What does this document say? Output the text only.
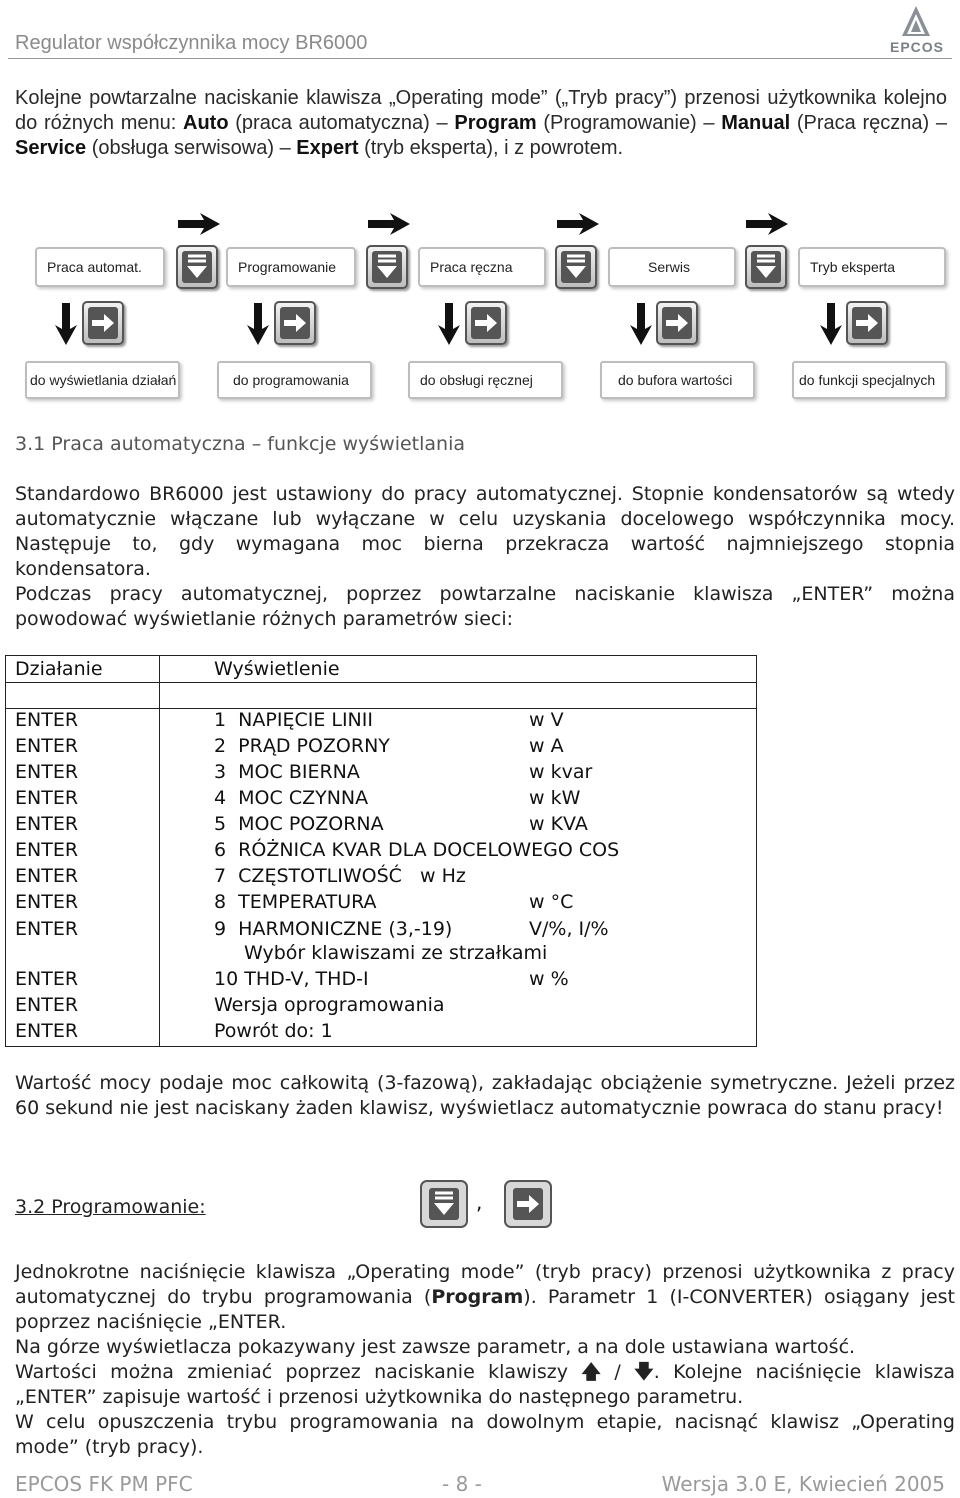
Regulator współczynnika mocy BR6000	EPCOS
Kolejne powtarzalne naciskanie klawisza „Operating mode” („Tryb pracy”) przenosi użytkownika kolejno do różnych menu: Auto (praca automatyczna) – Program (Programowanie) – Manual (Praca ręczna) – Service (obsługa serwisowa) – Expert (tryb eksperta), i z powrotem.
Praca automat.	Programowanie	Praca ręczna	Serwis	Tryb eksperta
do wyświetlania działań	do programowania	do obsługi ręcznej	do bufora wartości	do funkcji specjalnych
3.1 Praca automatyczna – funkcje wyświetlania
Standardowo BR6000 jest ustawiony do pracy automatycznej. Stopnie kondensatorów są wtedy automatycznie włączane lub wyłączane w celu uzyskania docelowego współczynnika mocy. Następuje to, gdy wymagana moc bierna przekracza wartość najmniejszego stopnia kondensatora.
Podczas pracy automatycznej, poprzez powtarzalne naciskanie klawisza „ENTER” można powodować wyświetlanie różnych parametrów sieci:
Działanie	Wyświetlenie
ENTER	1  NAPIĘCIE LINII	w V
ENTER	2  PRĄD POZORNY	w A
ENTER	3  MOC BIERNA	w kvar
ENTER	4  MOC CZYNNA	w kW
ENTER	5  MOC POZORNA	w KVA
ENTER	6  RÓŻNICA KVAR DLA DOCELOWEGO COS
ENTER	7  CZĘSTOTLIWOŚĆ   w Hz
ENTER	8  TEMPERATURA	w °C
ENTER	9  HARMONICZNE (3,-19)	V/%, I/%
Wybór klawiszami ze strzałkami
ENTER	10 THD-V, THD-I	w %
ENTER	Wersja oprogramowania
ENTER	Powrót do: 1
Wartość mocy podaje moc całkowitą (3-fazową), zakładając obciążenie symetryczne. Jeżeli przez 60 sekund nie jest naciskany żaden klawisz, wyświetlacz automatycznie powraca do stanu pracy!
3.2 Programowanie:	,
Jednokrotne naciśnięcie klawisza „Operating mode” (tryb pracy) przenosi użytkownika z pracy automatycznej do trybu programowania (Program). Parametr 1 (I-CONVERTER) osiągany jest poprzez naciśnięcie „ENTER.
Na górze wyświetlacza pokazywany jest zawsze parametr, a na dole ustawiana wartość.
Wartości można zmieniać poprzez naciskanie klawiszy 🡅 / 🡇. Kolejne naciśnięcie klawisza „ENTER” zapisuje wartość i przenosi użytkownika do następnego parametru.
W celu opuszczenia trybu programowania na dowolnym etapie, nacisnąć klawisz „Operating mode” (tryb pracy).
EPCOS FK PM PFC	- 8 -	Wersja 3.0 E, Kwiecień 2005
